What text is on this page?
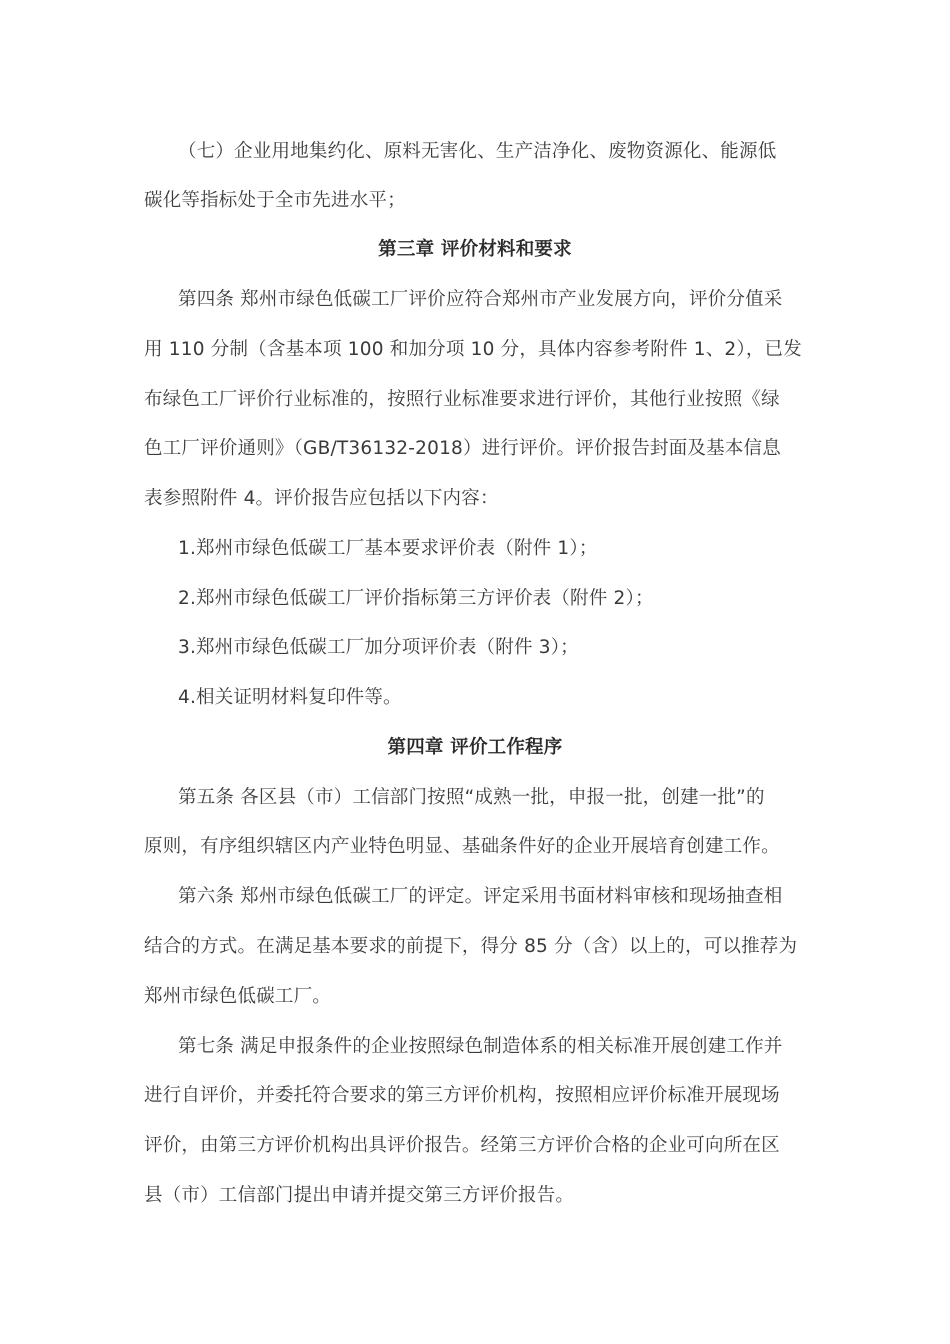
（七）企业用地集约化、原料无害化、生产洁净化、废物资源化、能源低
碳化等指标处于全市先进水平；
第三章 评价材料和要求
第四条 郑州市绿色低碳工厂评价应符合郑州市产业发展方向，评价分值采
用 110 分制（含基本项 100 和加分项 10 分，具体内容参考附件 1、2），已发
布绿色工厂评价行业标准的，按照行业标准要求进行评价，其他行业按照《绿
色工厂评价通则》（GB/T36132-2018）进行评价。评价报告封面及基本信息
表参照附件 4。评价报告应包括以下内容：
1.郑州市绿色低碳工厂基本要求评价表（附件 1）；
2.郑州市绿色低碳工厂评价指标第三方评价表（附件 2）；
3.郑州市绿色低碳工厂加分项评价表（附件 3）；
4.相关证明材料复印件等。
第四章 评价工作程序
第五条 各区县（市）工信部门按照“成熟一批，申报一批，创建一批”的
原则，有序组织辖区内产业特色明显、基础条件好的企业开展培育创建工作。
第六条 郑州市绿色低碳工厂的评定。评定采用书面材料审核和现场抽查相
结合的方式。在满足基本要求的前提下，得分 85 分（含）以上的，可以推荐为
郑州市绿色低碳工厂。
第七条 满足申报条件的企业按照绿色制造体系的相关标准开展创建工作并
进行自评价，并委托符合要求的第三方评价机构，按照相应评价标准开展现场
评价，由第三方评价机构出具评价报告。经第三方评价合格的企业可向所在区
县（市）工信部门提出申请并提交第三方评价报告。
